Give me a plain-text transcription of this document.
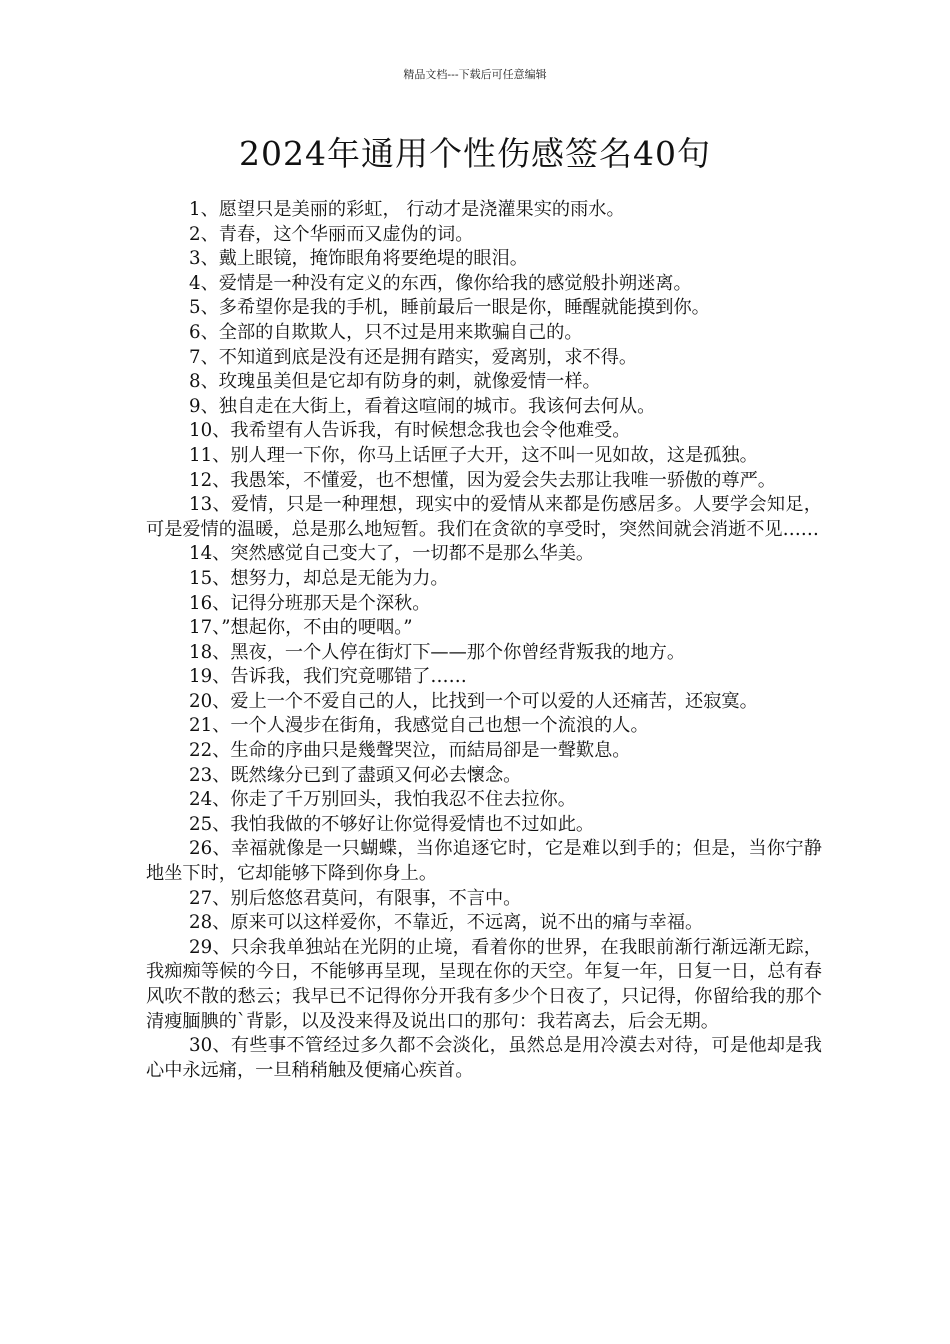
精品文档---下载后可任意编辑
2024年通用个性伤感签名40句

1、愿望只是美丽的彩虹， 行动才是浇灌果实的雨水。

2、青春，这个华丽而又虚伪的词。

3、戴上眼镜，掩饰眼角将要绝堤的眼泪。

4、爱情是一种没有定义的东西，像你给我的感觉般扑朔迷离。

5、多希望你是我的手机，睡前最后一眼是你，睡醒就能摸到你。

6、全部的自欺欺人，只不过是用来欺骗自己的。

7、不知道到底是没有还是拥有踏实，爱离别，求不得。

8、玫瑰虽美但是它却有防身的刺，就像爱情一样。

9、独自走在大街上，看着这喧闹的城市。我该何去何从。

10、我希望有人告诉我，有时候想念我也会令他难受。

11、别人理一下你，你马上话匣子大开，这不叫一见如故，这是孤独。

12、我愚笨，不懂爱，也不想懂，因为爱会失去那让我唯一骄傲的尊严。

13、爱情，只是一种理想，现实中的爱情从来都是伤感居多。人要学会知足，可是爱情的温暖，总是那么地短暂。我们在贪欲的享受时，突然间就会消逝不见……

14、突然感觉自己变大了，一切都不是那么华美。

15、想努力，却总是无能为力。

16、记得分班那天是个深秋。

17、”想起你，不由的哽咽。”

18、黑夜，一个人停在街灯下——那个你曾经背叛我的地方。

19、告诉我，我们究竟哪错了……

20、爱上一个不爱自己的人，比找到一个可以爱的人还痛苦，还寂寞。

21、一个人漫步在街角，我感觉自己也想一个流浪的人。

22、生命的序曲只是幾聲哭泣，而結局卻是一聲歎息。

23、既然缘分已到了盡頭又何必去懷念。

24、你走了千万别回头，我怕我忍不住去拉你。

25、我怕我做的不够好让你觉得爱情也不过如此。

26、幸福就像是一只蝴蝶，当你追逐它时，它是难以到手的；但是，当你宁静地坐下时，它却能够下降到你身上。

27、别后悠悠君莫问，有限事，不言中。

28、原来可以这样爱你，不靠近，不远离，说不出的痛与幸福。

29、只余我单独站在光阴的止境，看着你的世界，在我眼前渐行渐远渐无踪，我痴痴等候的今日，不能够再呈现，呈现在你的天空。年复一年，日复一日，总有春风吹不散的愁云；我早已不记得你分开我有多少个日夜了，只记得，你留给我的那个清瘦腼腆的`背影，以及没来得及说出口的那句：我若离去，后会无期。

30、有些事不管经过多久都不会淡化，虽然总是用冷漠去对待，可是他却是我心中永远痛，一旦稍稍触及便痛心疾首。
